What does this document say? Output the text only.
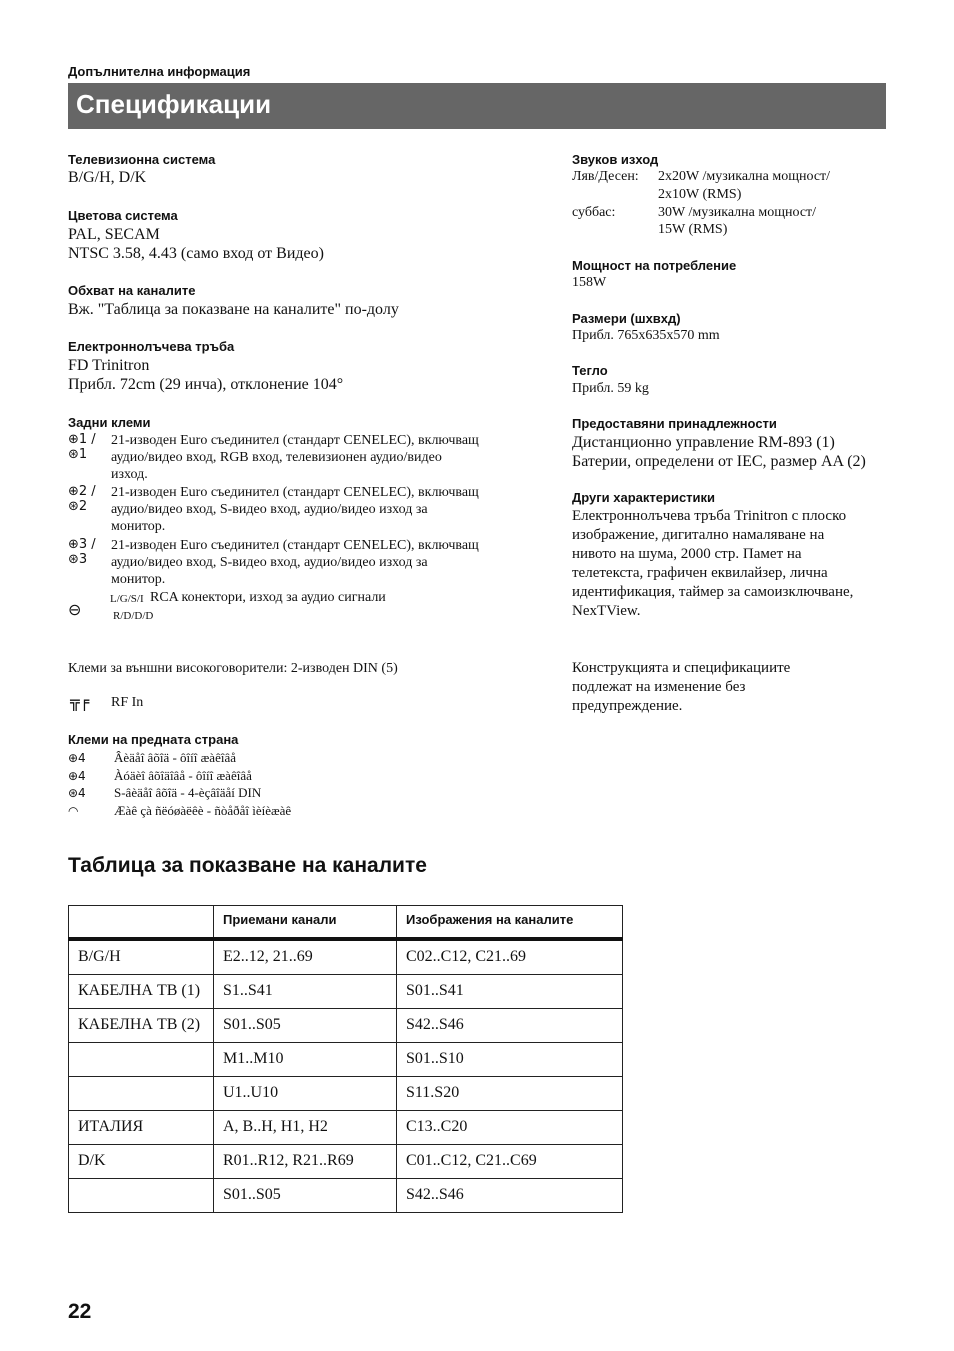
Допълнителна информация
Спецификации
Телевизионна система
B/G/H, D/K
Цветова система
PAL, SECAM
NTSC 3.58, 4.43 (само вход от Видео)
Обхват на каналите
Вж. "Таблица за показване на каналите" по-долу
Електроннолъчева тръба
FD Trinitron
Прибл. 72cm (29 инча), отклонение 104°
Задни клеми
⊕1 / ⊛1
21-изводен Euro съединител (стандарт CENELEC), включващ
аудио/видео вход, RGB вход, телевизионен аудио/видео
изход.
⊕2 / ⊛2
21-изводен Euro съединител (стандарт CENELEC), включващ
аудио/видео вход, S-видео вход, аудио/видео изход за
монитор.
⊕3 / ⊛3
21-изводен Euro съединител (стандарт CENELEC), включващ
аудио/видео вход, S-видео вход, аудио/видео изход за
монитор.
⊖
L/G/S/I RCA конектори, изход за аудио сигнали
R/D/D/D
Клеми за външни високоговорители: 2-изводен DIN (5)
╦╒ RF In
Клеми на предната страна
⊕4 Âèäåî âõîä - ôîíî æàêîâå
⊕4 Àóäèî âõîäîâå - ôîíî æàêîâå
⊛4 S-âèäåî âõîä - 4-èçâîäåí DIN
◠	Æàê çà ñëóøàëêè - ñòåðåî ìèíèæàê
Звуков изход
Ляв/Десен: 2x20W /музикална мощност/
2x10W (RMS)
суббас:	30W /музикална мощност/
15W (RMS)
Мощност на потребление
158W
Размери (шхвхд)
Прибл. 765x635x570 mm
Тегло
Прибл. 59 kg
Предоставяни принадлежности
Дистанционно управление RM-893 (1)
Батерии, определени от IEC, размер AA (2)
Други характеристики
Електроннолъчева тръба Trinitron с плоско
изображение, дигитално намаляване на
нивото на шума, 2000 стр. Памет на
телетекста, графичен еквилайзер, лична
идентификация, таймер за самоизключване,
NexTView.
Конструкцията и спецификациите
подлежат на изменение без
предупреждение.
Таблица за показване на каналите
	Приемани канали	Изображения на каналите
B/G/H	E2..12, 21..69	C02..C12, C21..69
КАБЕЛНА ТВ (1)	S1..S41	S01..S41
КАБЕЛНА ТВ (2)	S01..S05	S42..S46
	M1..M10	S01..S10
	U1..U10	S11.S20
ИТАЛИЯ	A, B..H, H1, H2	C13..C20
D/K	R01..R12, R21..R69	C01..C12, C21..C69
	S01..S05	S42..S46
22
